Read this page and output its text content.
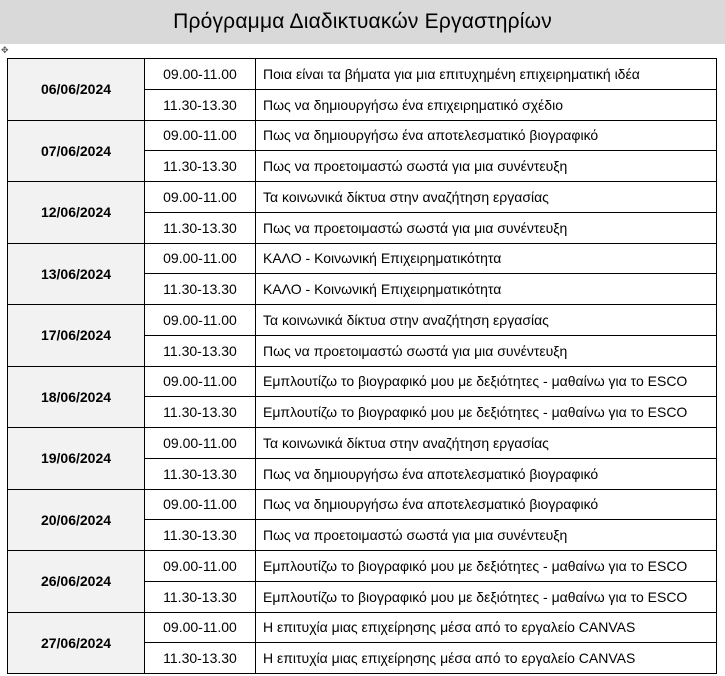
Πρόγραμμα Διαδικτυακών Εργαστηρίων
✥
06/06/2024	09.00-11.00	Ποια είναι τα βήματα για μια επιτυχημένη επιχειρηματική ιδέα
	11.30-13.30	Πως να δημιουργήσω ένα επιχειρηματικό σχέδιο
07/06/2024	09.00-11.00	Πως να δημιουργήσω ένα αποτελεσματικό βιογραφικό
	11.30-13.30	Πως να προετοιμαστώ σωστά για μια συνέντευξη
12/06/2024	09.00-11.00	Τα κοινωνικά δίκτυα στην αναζήτηση εργασίας
	11.30-13.30	Πως να προετοιμαστώ σωστά για μια συνέντευξη
13/06/2024	09.00-11.00	ΚΑΛΟ - Κοινωνική Επιχειρηματικότητα
	11.30-13.30	ΚΑΛΟ - Κοινωνική Επιχειρηματικότητα
17/06/2024	09.00-11.00	Τα κοινωνικά δίκτυα στην αναζήτηση εργασίας
	11.30-13.30	Πως να προετοιμαστώ σωστά για μια συνέντευξη
18/06/2024	09.00-11.00	Εμπλουτίζω το βιογραφικό μου με δεξιότητες - μαθαίνω για το ESCO
	11.30-13.30	Εμπλουτίζω το βιογραφικό μου με δεξιότητες - μαθαίνω για το ESCO
19/06/2024	09.00-11.00	Τα κοινωνικά δίκτυα στην αναζήτηση εργασίας
	11.30-13.30	Πως να δημιουργήσω ένα αποτελεσματικό βιογραφικό
20/06/2024	09.00-11.00	Πως να δημιουργήσω ένα αποτελεσματικό βιογραφικό
	11.30-13.30	Πως να προετοιμαστώ σωστά για μια συνέντευξη
26/06/2024	09.00-11.00	Εμπλουτίζω το βιογραφικό μου με δεξιότητες - μαθαίνω για το ESCO
	11.30-13.30	Εμπλουτίζω το βιογραφικό μου με δεξιότητες - μαθαίνω για το ESCO
27/06/2024	09.00-11.00	Η επιτυχία μιας επιχείρησης μέσα από το εργαλείο CANVAS
	11.30-13.30	Η επιτυχία μιας επιχείρησης μέσα από το εργαλείο CANVAS
